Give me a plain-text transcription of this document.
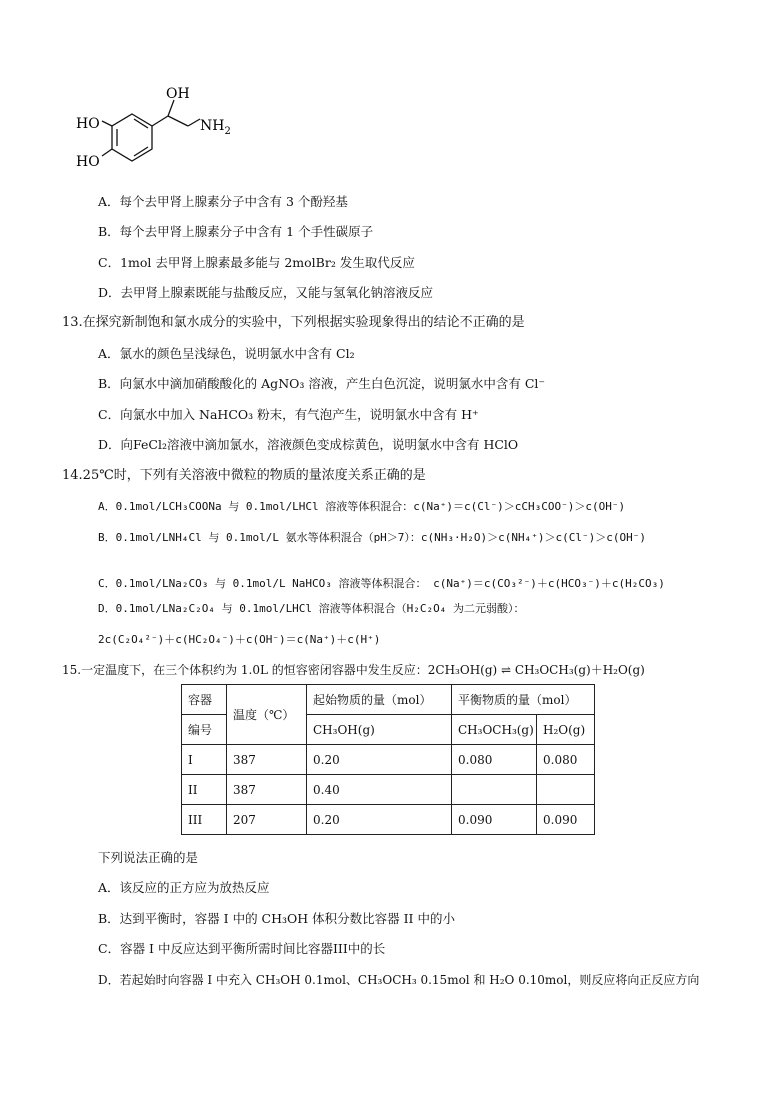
OH
$NH_2$
HO
HO
A．每个去甲肾上腺素分子中含有 3 个酚羟基
B．每个去甲肾上腺素分子中含有 1 个手性碳原子
C．1mol 去甲肾上腺素最多能与 2molBr₂ 发生取代反应
D．去甲肾上腺素既能与盐酸反应，又能与氢氧化钠溶液反应
13.在探究新制饱和氯水成分的实验中，下列根据实验现象得出的结论不正确的是
A．氯水的颜色呈浅绿色，说明氯水中含有 Cl₂
B．向氯水中滴加硝酸酸化的 AgNO₃ 溶液，产生白色沉淀，说明氯水中含有 Cl⁻
C．向氯水中加入 NaHCO₃ 粉末，有气泡产生，说明氯水中含有 H⁺
D．向FeCl₂溶液中滴加氯水，溶液颜色变成棕黄色，说明氯水中含有 HClO
14.25℃时，下列有关溶液中微粒的物质的量浓度关系正确的是
A．0.1mol/LCH₃COONa 与 0.1mol/LHCl 溶液等体积混合：c(Na⁺)＝c(Cl⁻)＞cCH₃COO⁻)＞c(OH⁻)
B．0.1mol/LNH₄Cl 与 0.1mol/L 氨水等体积混合（pH＞7）：c(NH₃·H₂O)＞c(NH₄⁺)＞c(Cl⁻)＞c(OH⁻)
C．0.1mol/LNa₂CO₃ 与 0.1mol/L NaHCO₃ 溶液等体积混合： c(Na⁺)＝c(CO₃²⁻)＋c(HCO₃⁻)＋c(H₂CO₃)
D．0.1mol/LNa₂C₂O₄ 与 0.1mol/LHCl 溶液等体积混合（H₂C₂O₄ 为二元弱酸）：
2c(C₂O₄²⁻)＋c(HC₂O₄⁻)＋c(OH⁻)＝c(Na⁺)＋c(H⁺)
15.一定温度下，在三个体积约为 1.0L 的恒容密闭容器中发生反应：2CH₃OH(g) ⇌ CH₃OCH₃(g)＋H₂O(g)
容器	温度（℃）	起始物质的量（mol）	平衡物质的量（mol）	
编号		CH₃OH(g)	CH₃OCH₃(g)	H₂O(g)
I	387	0.20	0.080	0.080
II	387	0.40		
III	207	0.20	0.090	0.090
下列说法正确的是
A．该反应的正方应为放热反应
B．达到平衡时，容器 I 中的 CH₃OH 体积分数比容器 II 中的小
C．容器 I 中反应达到平衡所需时间比容器III中的长
D．若起始时向容器 I 中充入 CH₃OH 0.1mol、CH₃OCH₃ 0.15mol 和 H₂O 0.10mol，则反应将向正反应方向
